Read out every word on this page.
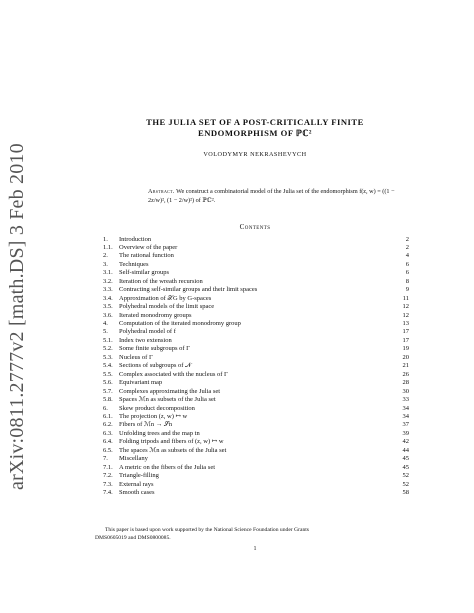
arXiv:0811.2777v2 [math.DS] 3 Feb 2010
THE JULIA SET OF A POST-CRITICALLY FINITE
ENDOMORPHISM OF ℙℂ²
VOLODYMYR NEKRASHEVYCH
Abstract. We construct a combinatorial model of the Julia set of the endomorphism f(z, w) = ((1 − 2z/w)², (1 − 2/w)²) of ℙℂ².
Contents
1. Introduction	2
1.1. Overview of the paper	2
2. The rational function	4
3. Techniques	6
3.1. Self-similar groups	6
3.2. Iteration of the wreath recursion	8
3.3. Contracting self-similar groups and their limit spaces	9
3.4. Approximation of 𝒳G by G-spaces	11
3.5. Polyhedral models of the limit space	12
3.6. Iterated monodromy groups	12
4. Computation of the iterated monodromy group	13
5. Polyhedral model of f	17
5.1. Index two extension	17
5.2. Some finite subgroups of Γ	19
5.3. Nucleus of Γ	20
5.4. Sections of subgroups of 𝒩	21
5.5. Complex associated with the nucleus of Γ	26
5.6. Equivariant map	28
5.7. Complexes approximating the Julia set	30
5.8. Spaces ℳn as subsets of the Julia set	33
6. Skew product decomposition	34
6.1. The projection (z, w) ↦ w	34
6.2. Fibers of ℳn → 𝒮n	37
6.3. Unfolding trees and the map tn	39
6.4. Folding tripods and fibers of (z, w) ↦ w	42
6.5. The spaces ℳn as subsets of the Julia set	44
7. Miscellany	45
7.1. A metric on the fibers of the Julia set	45
7.2. Triangle-filling	52
7.3. External rays	52
7.4. Smooth cases	58
This paper is based upon work supported by the National Science Foundation under Grants
DMS0605019 and DMS0800085.
1
